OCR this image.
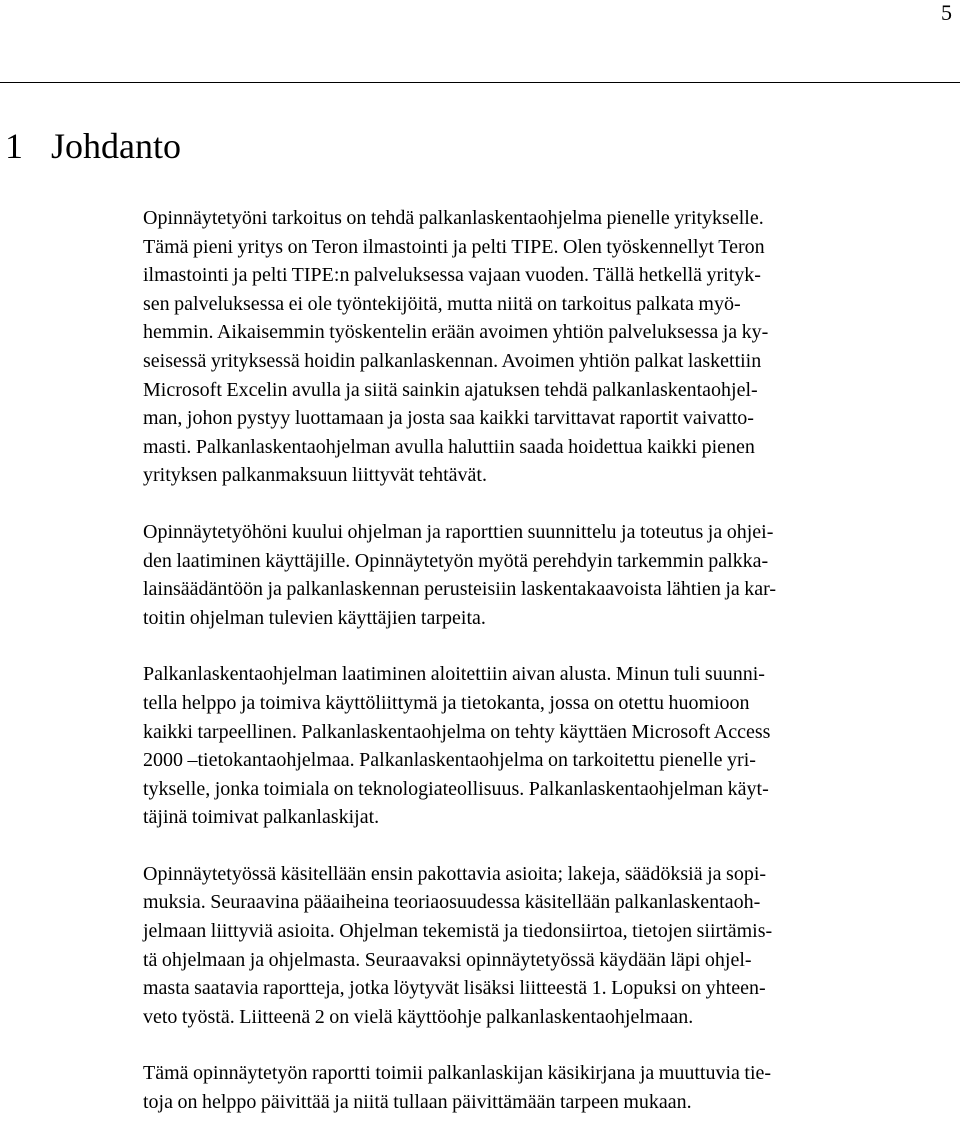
5
1 Johdanto

Opinnäytetyöni tarkoitus on tehdä palkanlaskentaohjelma pienelle yritykselle.
Tämä pieni yritys on Teron ilmastointi ja pelti TIPE. Olen työskennellyt Teron
ilmastointi ja pelti TIPE:n palveluksessa vajaan vuoden. Tällä hetkellä yrityk-
sen palveluksessa ei ole työntekijöitä, mutta niitä on tarkoitus palkata myö-
hemmin. Aikaisemmin työskentelin erään avoimen yhtiön palveluksessa ja ky-
seisessä yrityksessä hoidin palkanlaskennan. Avoimen yhtiön palkat laskettiin
Microsoft Excelin avulla ja siitä sainkin ajatuksen tehdä palkanlaskentaohjel-
man, johon pystyy luottamaan ja josta saa kaikki tarvittavat raportit vaivatto-
masti. Palkanlaskentaohjelman avulla haluttiin saada hoidettua kaikki pienen
yrityksen palkanmaksuun liittyvät tehtävät.

Opinnäytetyöhöni kuului ohjelman ja raporttien suunnittelu ja toteutus ja ohjei-
den laatiminen käyttäjille. Opinnäytetyön myötä perehdyin tarkemmin palkka-
lainsäädäntöön ja palkanlaskennan perusteisiin laskentakaavoista lähtien ja kar-
toitin ohjelman tulevien käyttäjien tarpeita.

Palkanlaskentaohjelman laatiminen aloitettiin aivan alusta. Minun tuli suunni-
tella helppo ja toimiva käyttöliittymä ja tietokanta, jossa on otettu huomioon
kaikki tarpeellinen. Palkanlaskentaohjelma on tehty käyttäen Microsoft Access
2000 –tietokantaohjelmaa. Palkanlaskentaohjelma on tarkoitettu pienelle yri-
tykselle, jonka toimiala on teknologiateollisuus. Palkanlaskentaohjelman käyt-
täjinä toimivat palkanlaskijat.

Opinnäytetyössä käsitellään ensin pakottavia asioita; lakeja, säädöksiä ja sopi-
muksia. Seuraavina pääaiheina teoriaosuudessa käsitellään palkanlaskentaoh-
jelmaan liittyviä asioita. Ohjelman tekemistä ja tiedonsiirtoa, tietojen siirtämis-
tä ohjelmaan ja ohjelmasta. Seuraavaksi opinnäytetyössä käydään läpi ohjel-
masta saatavia raportteja, jotka löytyvät lisäksi liitteestä 1. Lopuksi on yhteen-
veto työstä. Liitteenä 2 on vielä käyttöohje palkanlaskentaohjelmaan.

Tämä opinnäytetyön raportti toimii palkanlaskijan käsikirjana ja muuttuvia tie-
toja on helppo päivittää ja niitä tullaan päivittämään tarpeen mukaan.
